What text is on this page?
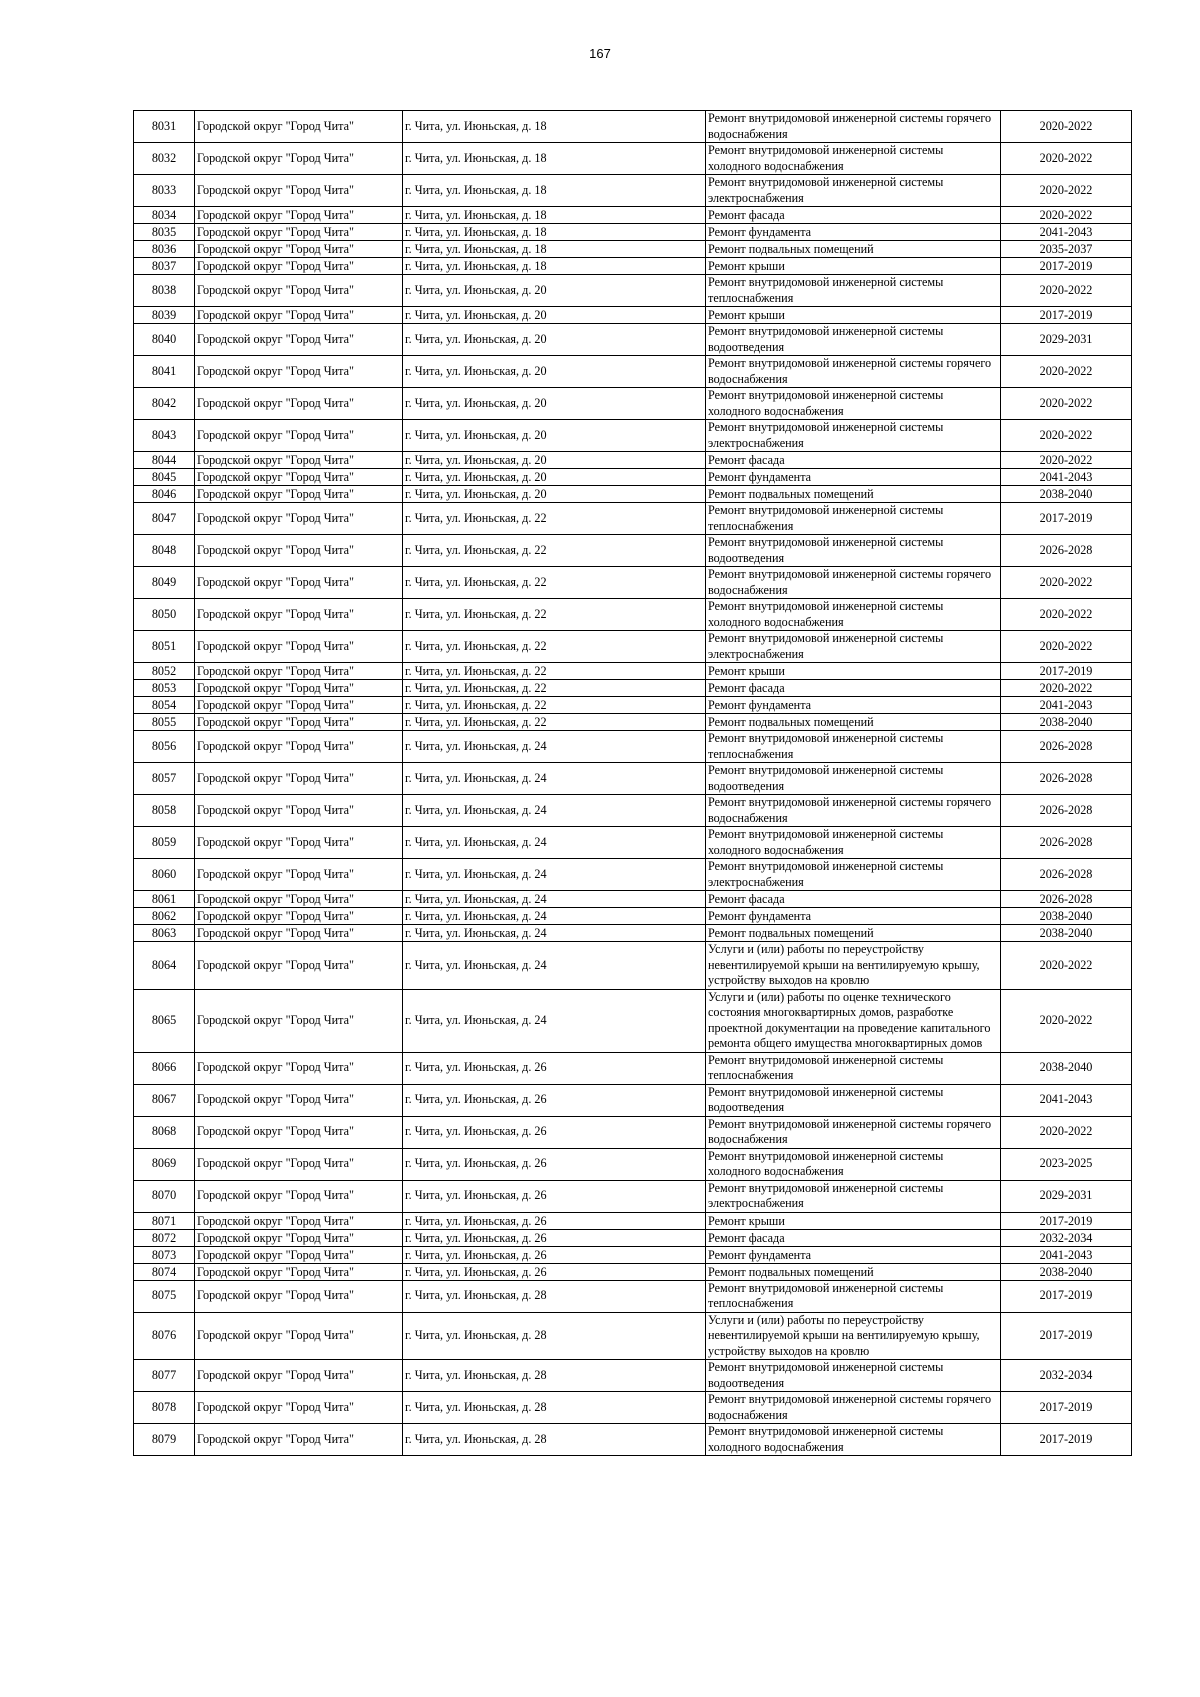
167
8031	Городской округ "Город Чита"	г. Чита, ул. Июньская, д. 18	Ремонт внутридомовой инженерной системы горячего водоснабжения	2020-2022
8032	Городской округ "Город Чита"	г. Чита, ул. Июньская, д. 18	Ремонт внутридомовой инженерной системы холодного водоснабжения	2020-2022
8033	Городской округ "Город Чита"	г. Чита, ул. Июньская, д. 18	Ремонт внутридомовой инженерной системы электроснабжения	2020-2022
8034	Городской округ "Город Чита"	г. Чита, ул. Июньская, д. 18	Ремонт фасада	2020-2022
8035	Городской округ "Город Чита"	г. Чита, ул. Июньская, д. 18	Ремонт фундамента	2041-2043
8036	Городской округ "Город Чита"	г. Чита, ул. Июньская, д. 18	Ремонт подвальных помещений	2035-2037
8037	Городской округ "Город Чита"	г. Чита, ул. Июньская, д. 18	Ремонт крыши	2017-2019
8038	Городской округ "Город Чита"	г. Чита, ул. Июньская, д. 20	Ремонт внутридомовой инженерной системы теплоснабжения	2020-2022
8039	Городской округ "Город Чита"	г. Чита, ул. Июньская, д. 20	Ремонт крыши	2017-2019
8040	Городской округ "Город Чита"	г. Чита, ул. Июньская, д. 20	Ремонт внутридомовой инженерной системы водоотведения	2029-2031
8041	Городской округ "Город Чита"	г. Чита, ул. Июньская, д. 20	Ремонт внутридомовой инженерной системы горячего водоснабжения	2020-2022
8042	Городской округ "Город Чита"	г. Чита, ул. Июньская, д. 20	Ремонт внутридомовой инженерной системы холодного водоснабжения	2020-2022
8043	Городской округ "Город Чита"	г. Чита, ул. Июньская, д. 20	Ремонт внутридомовой инженерной системы электроснабжения	2020-2022
8044	Городской округ "Город Чита"	г. Чита, ул. Июньская, д. 20	Ремонт фасада	2020-2022
8045	Городской округ "Город Чита"	г. Чита, ул. Июньская, д. 20	Ремонт фундамента	2041-2043
8046	Городской округ "Город Чита"	г. Чита, ул. Июньская, д. 20	Ремонт подвальных помещений	2038-2040
8047	Городской округ "Город Чита"	г. Чита, ул. Июньская, д. 22	Ремонт внутридомовой инженерной системы теплоснабжения	2017-2019
8048	Городской округ "Город Чита"	г. Чита, ул. Июньская, д. 22	Ремонт внутридомовой инженерной системы водоотведения	2026-2028
8049	Городской округ "Город Чита"	г. Чита, ул. Июньская, д. 22	Ремонт внутридомовой инженерной системы горячего водоснабжения	2020-2022
8050	Городской округ "Город Чита"	г. Чита, ул. Июньская, д. 22	Ремонт внутридомовой инженерной системы холодного водоснабжения	2020-2022
8051	Городской округ "Город Чита"	г. Чита, ул. Июньская, д. 22	Ремонт внутридомовой инженерной системы электроснабжения	2020-2022
8052	Городской округ "Город Чита"	г. Чита, ул. Июньская, д. 22	Ремонт крыши	2017-2019
8053	Городской округ "Город Чита"	г. Чита, ул. Июньская, д. 22	Ремонт фасада	2020-2022
8054	Городской округ "Город Чита"	г. Чита, ул. Июньская, д. 22	Ремонт фундамента	2041-2043
8055	Городской округ "Город Чита"	г. Чита, ул. Июньская, д. 22	Ремонт подвальных помещений	2038-2040
8056	Городской округ "Город Чита"	г. Чита, ул. Июньская, д. 24	Ремонт внутридомовой инженерной системы теплоснабжения	2026-2028
8057	Городской округ "Город Чита"	г. Чита, ул. Июньская, д. 24	Ремонт внутридомовой инженерной системы водоотведения	2026-2028
8058	Городской округ "Город Чита"	г. Чита, ул. Июньская, д. 24	Ремонт внутридомовой инженерной системы горячего водоснабжения	2026-2028
8059	Городской округ "Город Чита"	г. Чита, ул. Июньская, д. 24	Ремонт внутридомовой инженерной системы холодного водоснабжения	2026-2028
8060	Городской округ "Город Чита"	г. Чита, ул. Июньская, д. 24	Ремонт внутридомовой инженерной системы электроснабжения	2026-2028
8061	Городской округ "Город Чита"	г. Чита, ул. Июньская, д. 24	Ремонт фасада	2026-2028
8062	Городской округ "Город Чита"	г. Чита, ул. Июньская, д. 24	Ремонт фундамента	2038-2040
8063	Городской округ "Город Чита"	г. Чита, ул. Июньская, д. 24	Ремонт подвальных помещений	2038-2040
8064	Городской округ "Город Чита"	г. Чита, ул. Июньская, д. 24	Услуги и (или) работы по переустройству невентилируемой крыши на вентилируемую крышу, устройству выходов на кровлю	2020-2022
8065	Городской округ "Город Чита"	г. Чита, ул. Июньская, д. 24	Услуги и (или) работы по оценке технического состояния многоквартирных домов, разработке проектной документации на проведение капитального ремонта общего имущества многоквартирных домов	2020-2022
8066	Городской округ "Город Чита"	г. Чита, ул. Июньская, д. 26	Ремонт внутридомовой инженерной системы теплоснабжения	2038-2040
8067	Городской округ "Город Чита"	г. Чита, ул. Июньская, д. 26	Ремонт внутридомовой инженерной системы водоотведения	2041-2043
8068	Городской округ "Город Чита"	г. Чита, ул. Июньская, д. 26	Ремонт внутридомовой инженерной системы горячего водоснабжения	2020-2022
8069	Городской округ "Город Чита"	г. Чита, ул. Июньская, д. 26	Ремонт внутридомовой инженерной системы холодного водоснабжения	2023-2025
8070	Городской округ "Город Чита"	г. Чита, ул. Июньская, д. 26	Ремонт внутридомовой инженерной системы электроснабжения	2029-2031
8071	Городской округ "Город Чита"	г. Чита, ул. Июньская, д. 26	Ремонт крыши	2017-2019
8072	Городской округ "Город Чита"	г. Чита, ул. Июньская, д. 26	Ремонт фасада	2032-2034
8073	Городской округ "Город Чита"	г. Чита, ул. Июньская, д. 26	Ремонт фундамента	2041-2043
8074	Городской округ "Город Чита"	г. Чита, ул. Июньская, д. 26	Ремонт подвальных помещений	2038-2040
8075	Городской округ "Город Чита"	г. Чита, ул. Июньская, д. 28	Ремонт внутридомовой инженерной системы теплоснабжения	2017-2019
8076	Городской округ "Город Чита"	г. Чита, ул. Июньская, д. 28	Услуги и (или) работы по переустройству невентилируемой крыши на вентилируемую крышу, устройству выходов на кровлю	2017-2019
8077	Городской округ "Город Чита"	г. Чита, ул. Июньская, д. 28	Ремонт внутридомовой инженерной системы водоотведения	2032-2034
8078	Городской округ "Город Чита"	г. Чита, ул. Июньская, д. 28	Ремонт внутридомовой инженерной системы горячего водоснабжения	2017-2019
8079	Городской округ "Город Чита"	г. Чита, ул. Июньская, д. 28	Ремонт внутридомовой инженерной системы холодного водоснабжения	2017-2019
